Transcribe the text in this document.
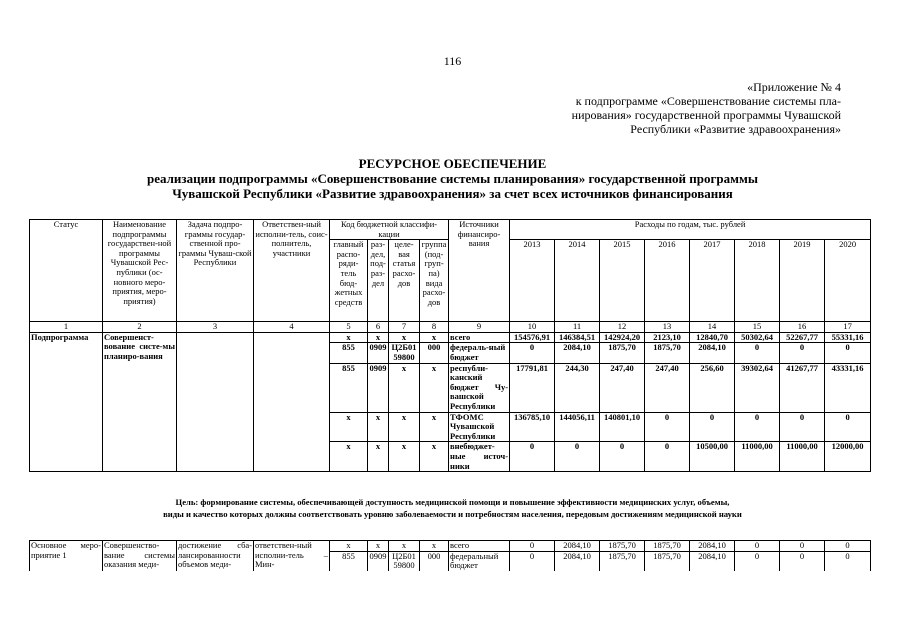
116
«Приложение № 4
к подпрограмме «Совершенствование системы пла-
нирования» государственной программы Чувашской
Республики «Развитие здравоохранения»
РЕСУРСНОЕ ОБЕСПЕЧЕНИЕ
реализации подпрограммы «Совершенствование системы планирования» государственной программы
Чувашской Республики «Развитие здравоохранения» за счет всех источников финансирования
Статус	Наименование подпрограммы государствен-ной программы Чувашской Рес-публики (ос-новного меро-приятия, меро-приятия)	Задача подпро-граммы государ-ственной про-граммы Чуваш-ской Республики	Ответствен-ный исполни-тель, соис-полнитель, участники	Код бюджетной классифи-кации				Источники финансиро-вания	Расходы по годам, тыс. рублей							
				главный распо-ряди-тель бюд-жетных средств	раз-дел, под-раз-дел	целе-вая статья расхо-дов	группа (под-груп-па) вида расхо-дов		2013	2014	2015	2016	2017	2018	2019	2020
1	2	3	4	5	6	7	8	9	10	11	12	13	14	15	16	17
Подпрограмма	Совершенст-вование систе-мы планиро-вания			x	x	x	x	всего	154576,91	146384,51	142924,20	2123,10	12840,70	50302,64	52267,77	55331,16
				855	0909	Ц2Б01 59800	000	федераль-ный бюджет	0	2084,10	1875,70	1875,70	2084,10	0	0	0
				855	0909	x	x	республи-канский бюджет Чу-вашской Республики	17791,81	244,30	247,40	247,40	256,60	39302,64	41267,77	43331,16
				x	x	x	x	ТФОМС Чувашской Республики	136785,10	144056,11	140801,10	0	0	0	0	0
				x	x	x	x	внебюджет-ные источ-ники	0	0	0	0	10500,00	11000,00	11000,00	12000,00
Цель: формирование системы, обеспечивающей доступность медицинской помощи и повышение эффективности медицинских услуг, объемы,
виды и качество которых должны соответствовать уровню заболеваемости и потребностям населения, передовым достижениям медицинской науки
Основное меро-приятие 1	Совершенство-вание системы оказания меди-	достижение сба-лансированности объемов меди-	ответствен-ный исполни-тель – Мин-	x	x	x	x	всего	0	2084,10	1875,70	1875,70	2084,10	0	0	0
				855	0909	Ц2Б01 59800	000	федеральный бюджет	0	2084,10	1875,70	1875,70	2084,10	0	0	0
